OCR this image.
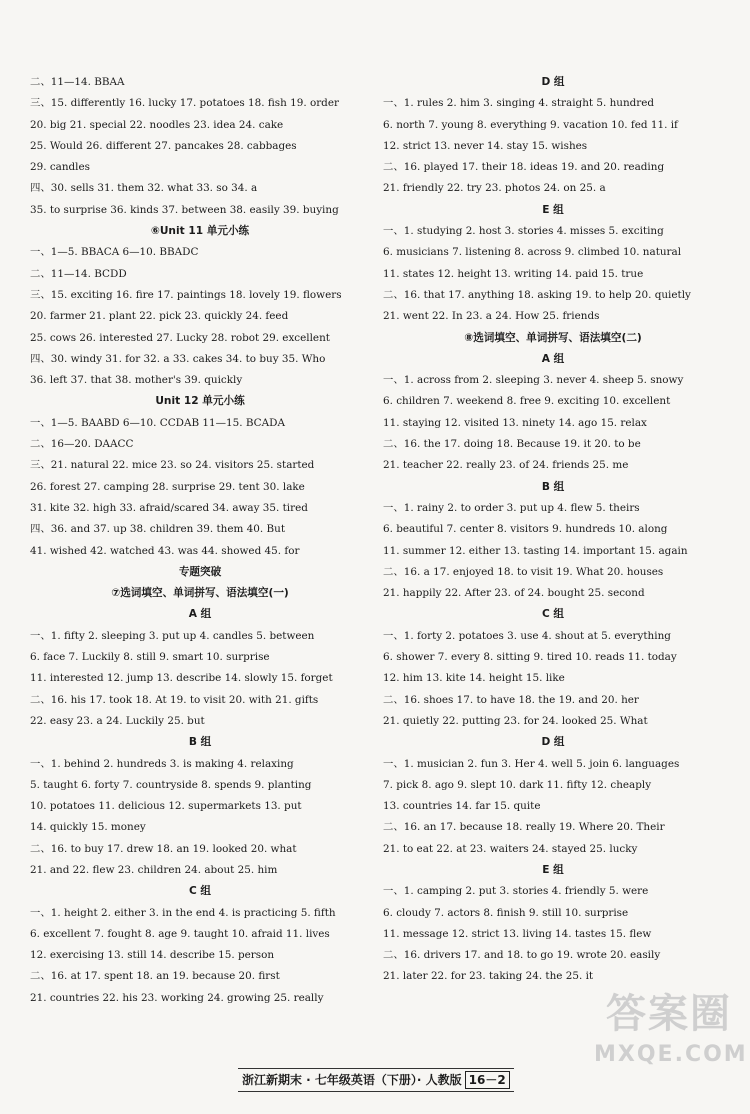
二、11—14. BBAA
三、15. differently 16. lucky 17. potatoes 18. fish 19. order
20. big 21. special 22. noodles 23. idea 24. cake
25. Would 26. different 27. pancakes 28. cabbages
29. candles
四、30. sells 31. them 32. what 33. so 34. a
35. to surprise 36. kinds 37. between 38. easily 39. buying
⑥Unit 11 单元小练
一、1—5. BBACA 6—10. BBADC
二、11—14. BCDD
三、15. exciting 16. fire 17. paintings 18. lovely 19. flowers
20. farmer 21. plant 22. pick 23. quickly 24. feed
25. cows 26. interested 27. Lucky 28. robot 29. excellent
四、30. windy 31. for 32. a 33. cakes 34. to buy 35. Who
36. left 37. that 38. mother's 39. quickly
Unit 12 单元小练
一、1—5. BAABD 6—10. CCDAB 11—15. BCADA
二、16—20. DAACC
三、21. natural 22. mice 23. so 24. visitors 25. started
26. forest 27. camping 28. surprise 29. tent 30. lake
31. kite 32. high 33. afraid/scared 34. away 35. tired
四、36. and 37. up 38. children 39. them 40. But
41. wished 42. watched 43. was 44. showed 45. for
专题突破
⑦选词填空、单词拼写、语法填空(一)
A 组
一、1. fifty 2. sleeping 3. put up 4. candles 5. between
6. face 7. Luckily 8. still 9. smart 10. surprise
11. interested 12. jump 13. describe 14. slowly 15. forget
二、16. his 17. took 18. At 19. to visit 20. with 21. gifts
22. easy 23. a 24. Luckily 25. but
B 组
一、1. behind 2. hundreds 3. is making 4. relaxing
5. taught 6. forty 7. countryside 8. spends 9. planting
10. potatoes 11. delicious 12. supermarkets 13. put
14. quickly 15. money
二、16. to buy 17. drew 18. an 19. looked 20. what
21. and 22. flew 23. children 24. about 25. him
C 组
一、1. height 2. either 3. in the end 4. is practicing 5. fifth
6. excellent 7. fought 8. age 9. taught 10. afraid 11. lives
12. exercising 13. still 14. describe 15. person
二、16. at 17. spent 18. an 19. because 20. first
21. countries 22. his 23. working 24. growing 25. really
D 组
一、1. rules 2. him 3. singing 4. straight 5. hundred
6. north 7. young 8. everything 9. vacation 10. fed 11. if
12. strict 13. never 14. stay 15. wishes
二、16. played 17. their 18. ideas 19. and 20. reading
21. friendly 22. try 23. photos 24. on 25. a
E 组
一、1. studying 2. host 3. stories 4. misses 5. exciting
6. musicians 7. listening 8. across 9. climbed 10. natural
11. states 12. height 13. writing 14. paid 15. true
二、16. that 17. anything 18. asking 19. to help 20. quietly
21. went 22. In 23. a 24. How 25. friends
⑧选词填空、单词拼写、语法填空(二)
A 组
一、1. across from 2. sleeping 3. never 4. sheep 5. snowy
6. children 7. weekend 8. free 9. exciting 10. excellent
11. staying 12. visited 13. ninety 14. ago 15. relax
二、16. the 17. doing 18. Because 19. it 20. to be
21. teacher 22. really 23. of 24. friends 25. me
B 组
一、1. rainy 2. to order 3. put up 4. flew 5. theirs
6. beautiful 7. center 8. visitors 9. hundreds 10. along
11. summer 12. either 13. tasting 14. important 15. again
二、16. a 17. enjoyed 18. to visit 19. What 20. houses
21. happily 22. After 23. of 24. bought 25. second
C 组
一、1. forty 2. potatoes 3. use 4. shout at 5. everything
6. shower 7. every 8. sitting 9. tired 10. reads 11. today
12. him 13. kite 14. height 15. like
二、16. shoes 17. to have 18. the 19. and 20. her
21. quietly 22. putting 23. for 24. looked 25. What
D 组
一、1. musician 2. fun 3. Her 4. well 5. join 6. languages
7. pick 8. ago 9. slept 10. dark 11. fifty 12. cheaply
13. countries 14. far 15. quite
二、16. an 17. because 18. really 19. Where 20. Their
21. to eat 22. at 23. waiters 24. stayed 25. lucky
E 组
一、1. camping 2. put 3. stories 4. friendly 5. were
6. cloudy 7. actors 8. finish 9. still 10. surprise
11. message 12. strict 13. living 14. tastes 15. flew
二、16. drivers 17. and 18. to go 19. wrote 20. easily
21. later 22. for 23. taking 24. the 25. it
浙江新期末 · 七年级英语（下册）· 人教版 16－2
答案圈
MXQE.COM
